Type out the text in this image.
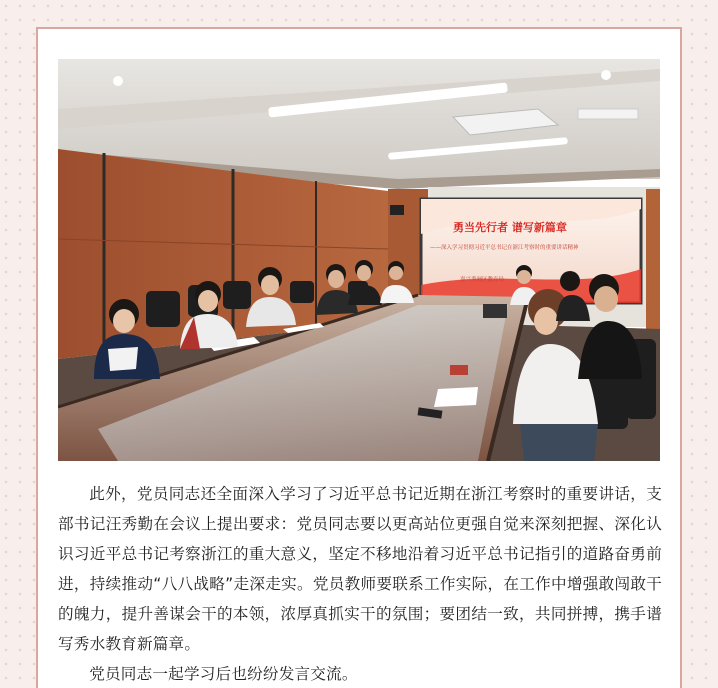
勇当先行者 谱写新篇章
——深入学习贯彻习近平总书记在浙江考察时的重要讲话精神
嘉兴秀洲区教育局

此外，党员同志还全面深入学习了习近平总书记近期在浙江考察时的重要讲话，支部书记汪秀勤在会议上提出要求：党员同志要以更高站位更强自觉来深刻把握、深化认识习近平总书记考察浙江的重大意义，坚定不移地沿着习近平总书记指引的道路奋勇前进，持续推动“八八战略”走深走实。党员教师要联系工作实际，在工作中增强敢闯敢干的魄力，提升善谋会干的本领，浓厚真抓实干的氛围；要团结一致，共同拼搏，携手谱写秀水教育新篇章。

党员同志一起学习后也纷纷发言交流。
